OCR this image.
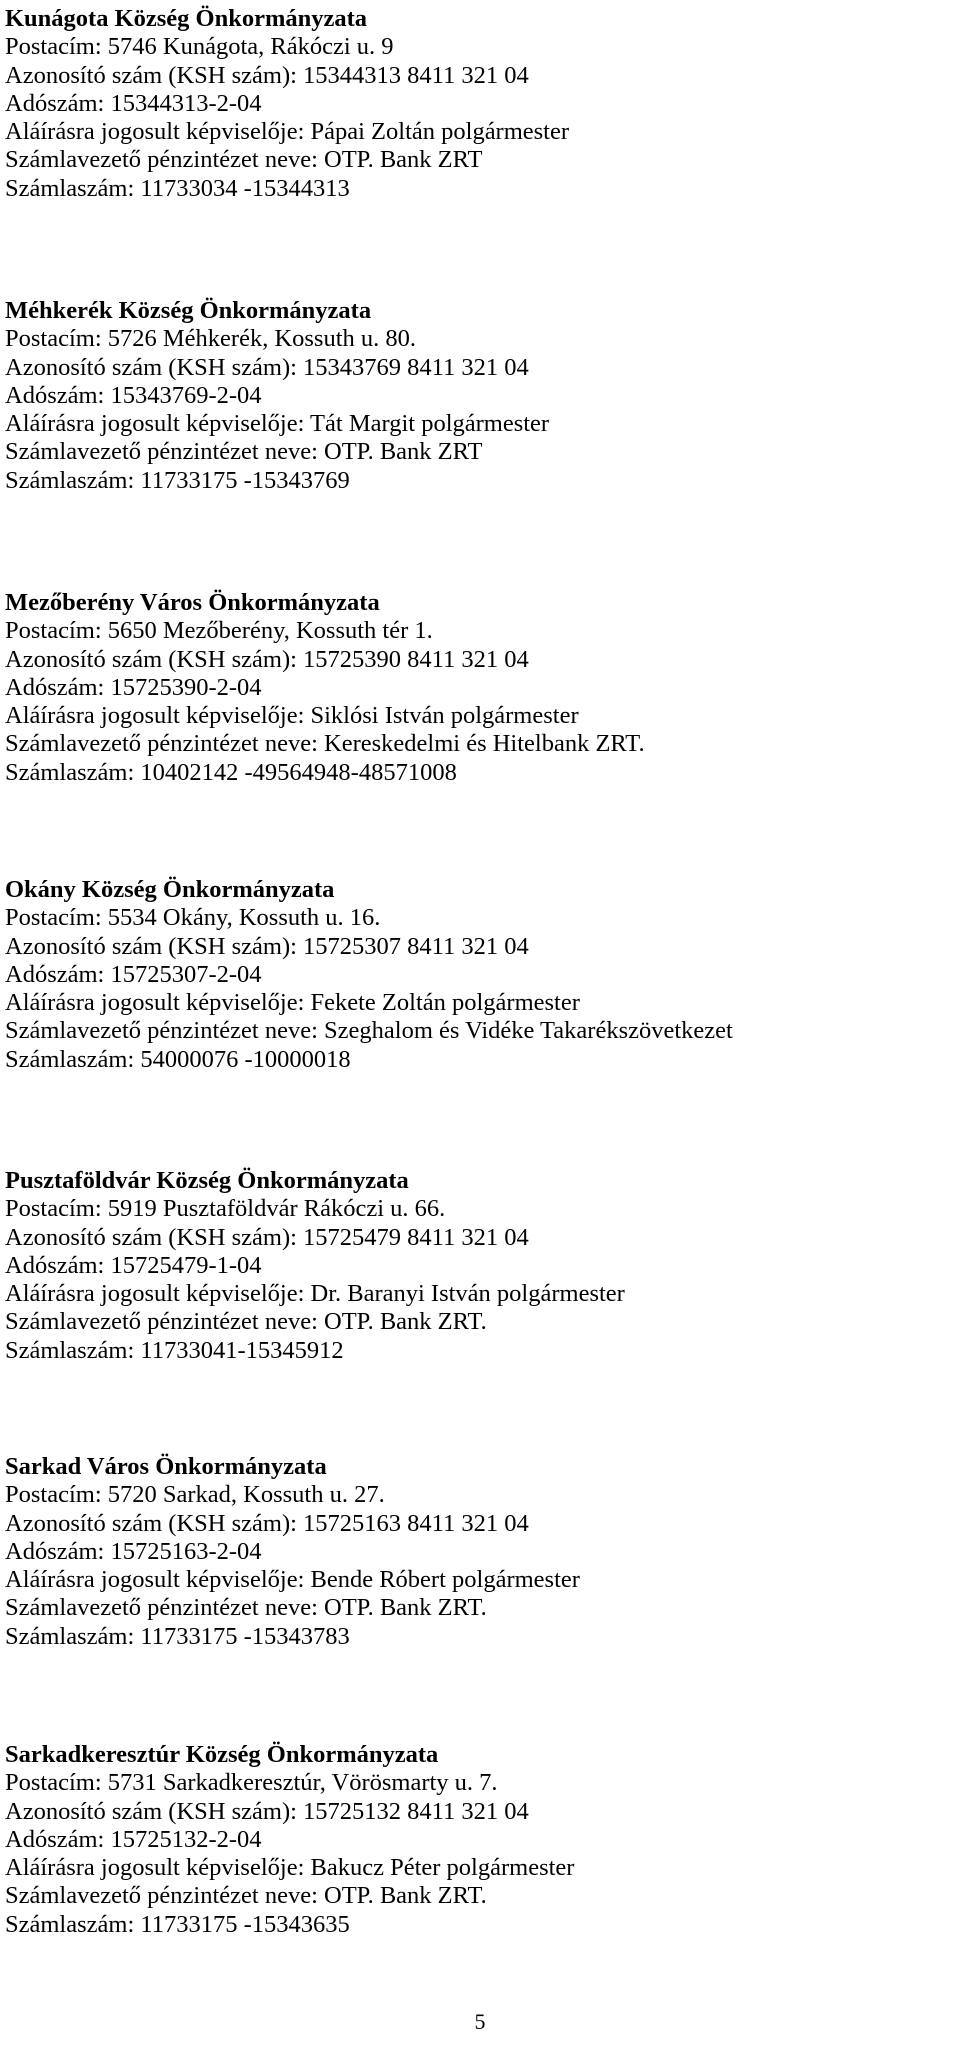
Kunágota Község Önkormányzata
Postacím: 5746 Kunágota, Rákóczi u. 9
Azonosító szám (KSH szám): 15344313 8411 321 04
Adószám: 15344313-2-04
Aláírásra jogosult képviselője: Pápai Zoltán polgármester
Számlavezető pénzintézet neve: OTP. Bank ZRT
Számlaszám: 11733034 -15344313
Méhkerék Község Önkormányzata
Postacím: 5726 Méhkerék, Kossuth u. 80.
Azonosító szám (KSH szám): 15343769 8411 321 04
Adószám: 15343769-2-04
Aláírásra jogosult képviselője: Tát Margit polgármester
Számlavezető pénzintézet neve: OTP. Bank ZRT
Számlaszám: 11733175 -15343769
Mezőberény Város Önkormányzata
Postacím: 5650 Mezőberény, Kossuth tér 1.
Azonosító szám (KSH szám): 15725390 8411 321 04
Adószám: 15725390-2-04
Aláírásra jogosult képviselője: Siklósi István polgármester
Számlavezető pénzintézet neve: Kereskedelmi és Hitelbank ZRT.
Számlaszám: 10402142 -49564948-48571008
Okány Község Önkormányzata
Postacím: 5534 Okány, Kossuth u. 16.
Azonosító szám (KSH szám): 15725307 8411 321 04
Adószám: 15725307-2-04
Aláírásra jogosult képviselője: Fekete Zoltán polgármester
Számlavezető pénzintézet neve: Szeghalom és Vidéke Takarékszövetkezet
Számlaszám: 54000076 -10000018
Pusztaföldvár Község Önkormányzata
Postacím: 5919 Pusztaföldvár Rákóczi u. 66.
Azonosító szám (KSH szám): 15725479 8411 321 04
Adószám: 15725479-1-04
Aláírásra jogosult képviselője: Dr. Baranyi István polgármester
Számlavezető pénzintézet neve: OTP. Bank ZRT.
Számlaszám: 11733041-15345912
Sarkad Város Önkormányzata
Postacím: 5720 Sarkad, Kossuth u. 27.
Azonosító szám (KSH szám): 15725163 8411 321 04
Adószám: 15725163-2-04
Aláírásra jogosult képviselője: Bende Róbert polgármester
Számlavezető pénzintézet neve: OTP. Bank ZRT.
Számlaszám: 11733175 -15343783
Sarkadkeresztúr Község Önkormányzata
Postacím: 5731 Sarkadkeresztúr, Vörösmarty u. 7.
Azonosító szám (KSH szám): 15725132 8411 321 04
Adószám: 15725132-2-04
Aláírásra jogosult képviselője: Bakucz Péter polgármester
Számlavezető pénzintézet neve: OTP. Bank ZRT.
Számlaszám: 11733175 -15343635
5
